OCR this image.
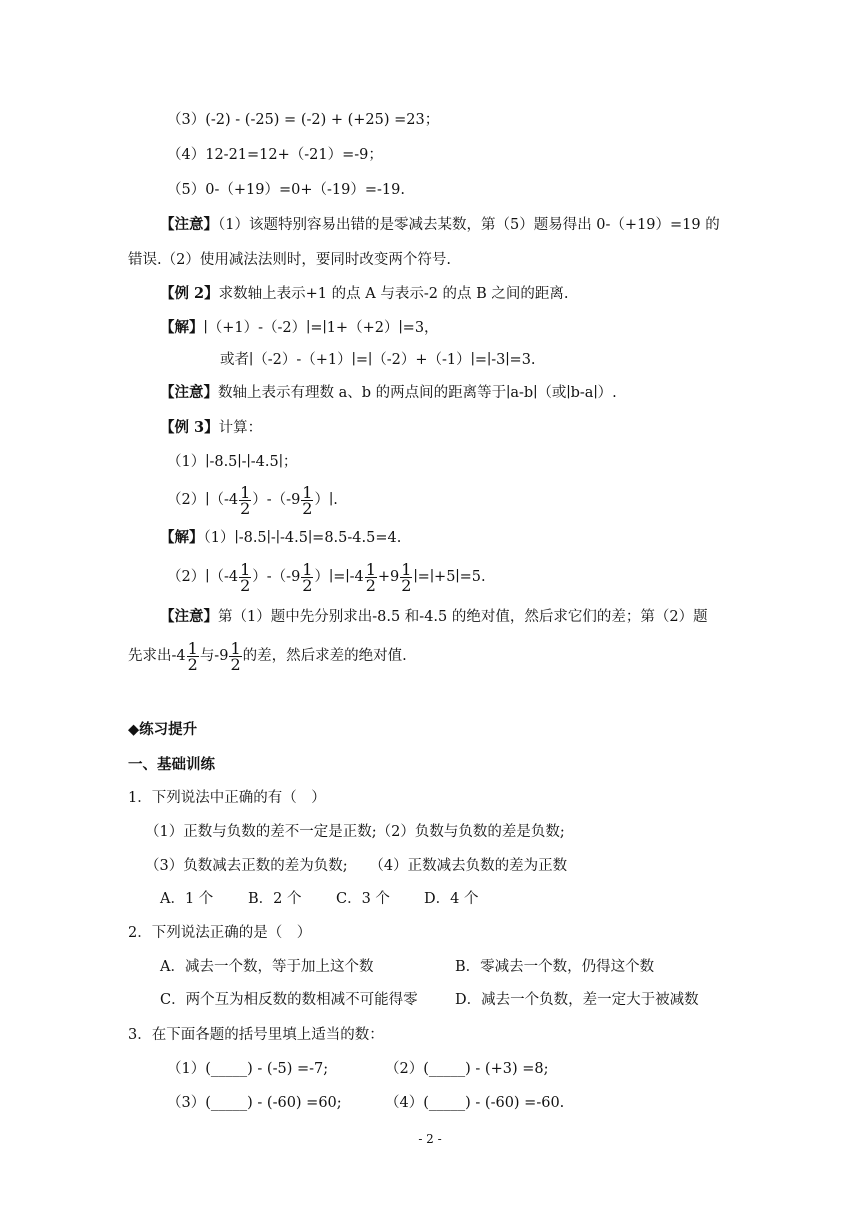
（3）(-2) - (-25) = (-2) + (+25) =23；
（4）12-21=12+（-21）=-9；
（5）0-（+19）=0+（-19）=-19.
【注意】（1）该题特别容易出错的是零减去某数，第（5）题易得出 0-（+19）=19 的
错误.（2）使用减法法则时，要同时改变两个符号.
【例 2】求数轴上表示+1 的点 A 与表示-2 的点 B 之间的距离.
【解】∣（+1）-（-2）∣=∣1+（+2）∣=3，
或者∣（-2）-（+1）∣=∣（-2）+（-1）∣=∣-3∣=3.
【注意】数轴上表示有理数 a、b 的两点间的距离等于∣a-b∣（或∣b-a∣）.
【例 3】计算：
（1）∣-8.5∣-∣-4.5∣；
（2）∣（-4 $\frac{1}{2} )-(-9 \frac{1}{2}$ ）∣.
【解】（1）∣-8.5∣-∣-4.5∣=8.5-4.5=4.
（2）∣（-4 $\frac{1}{2} )-(-9 \frac{1}{2}$ ）∣=∣-4 $\frac{1}{2} +9 \frac{1}{2}$ ∣=∣+5∣=5.
【注意】第（1）题中先分别求出-8.5 和-4.5 的绝对值，然后求它们的差；第（2）题
先求出$-4 \frac{1}{2}$ 与$-9 \frac{1}{2}$ 的差，然后求差的绝对值.
◆练习提升
一、基础训练
1．下列说法中正确的有（　）
（1）正数与负数的差不一定是正数;（2）负数与负数的差是负数;
（3）负数减去正数的差为负数;　　（4）正数减去负数的差为正数
A．1 个 B．2 个 C．3 个 D．4 个
2．下列说法正确的是（　）
A．减去一个数，等于加上这个数	B．零减去一个数，仍得这个数
C．两个互为相反数的数相减不可能得零	D．减去一个负数，差一定大于被减数
3．在下面各题的括号里填上适当的数：
（1）(_____) - (-5) =-7;	（2）(_____) - (+3) =8;
（3）(_____) - (-60) =60;	（4）(_____) - (-60) =-60.
- 2 -
